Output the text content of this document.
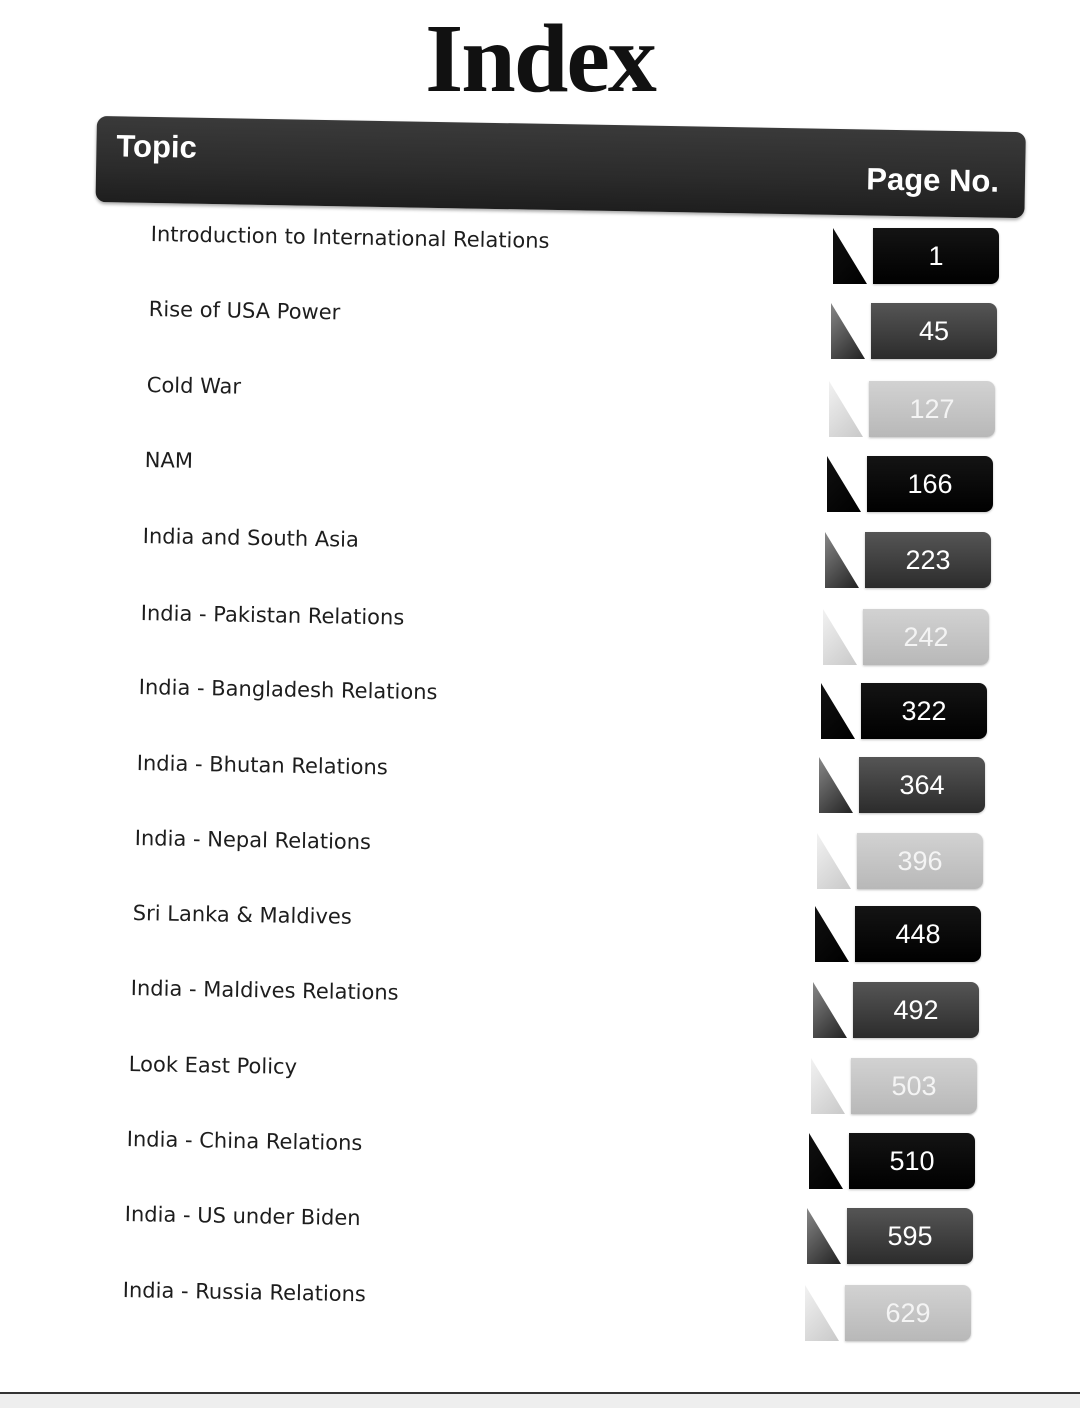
Index
Topic
Page No.
Introduction to International Relations
1
Rise of USA Power
45
Cold War
127
NAM
166
India and South Asia
223
India - Pakistan Relations
242
India - Bangladesh Relations
322
India - Bhutan Relations
364
India - Nepal Relations
396
Sri Lanka & Maldives
448
India - Maldives Relations
492
Look East Policy
503
India - China Relations
510
India - US under Biden
595
India - Russia Relations
629
